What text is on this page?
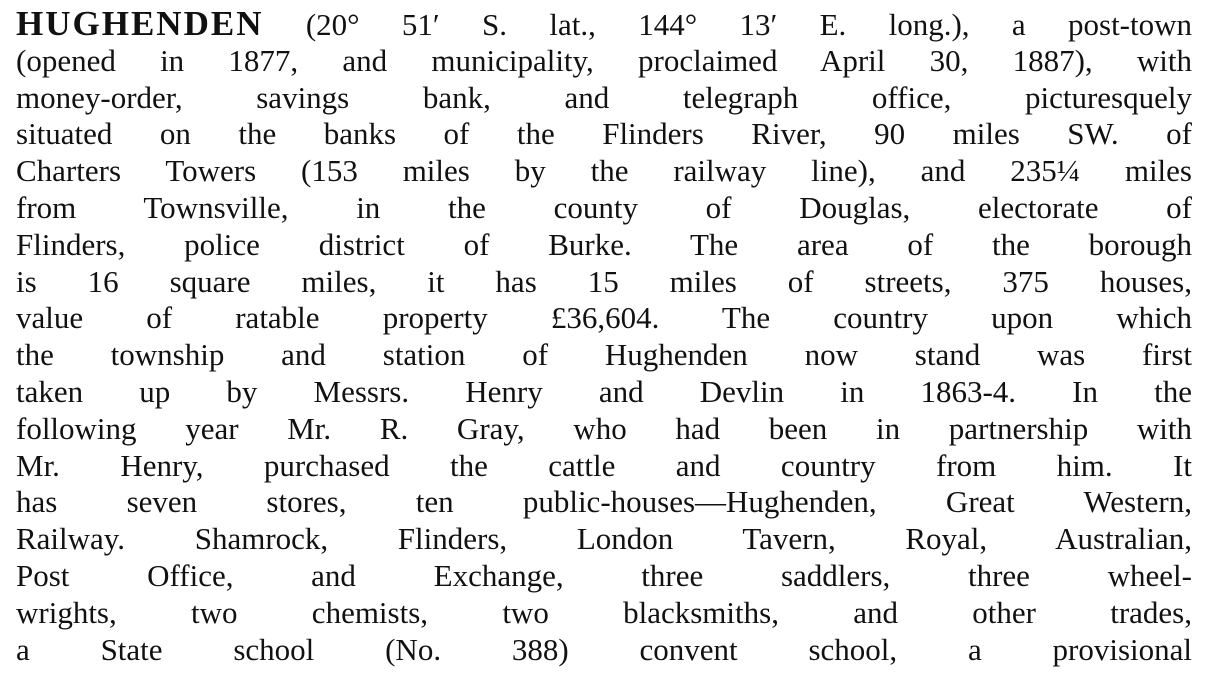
HUGHENDEN (20° 51′ S. lat., 144° 13′ E. long.), a post-town
(opened in 1877, and municipality, proclaimed April 30, 1887), with
money-order, savings bank, and telegraph office, picturesquely
situated on the banks of the Flinders River, 90 miles SW. of
Charters Towers (153 miles by the railway line), and 235¼ miles
from Townsville, in the county of Douglas, electorate of
Flinders, police district of Burke. The area of the borough
is 16 square miles, it has 15 miles of streets, 375 houses,
value of ratable property £36,604. The country upon which
the township and station of Hughenden now stand was first
taken up by Messrs. Henry and Devlin in 1863-4. In the
following year Mr. R. Gray, who had been in partnership with
Mr. Henry, purchased the cattle and country from him. It
has seven stores, ten public-houses—Hughenden, Great Western,
Railway. Shamrock, Flinders, London Tavern, Royal, Australian,
Post Office, and Exchange, three saddlers, three wheel-
wrights, two chemists, two blacksmiths, and other trades,
a State school (No. 388) convent school, a provisional
